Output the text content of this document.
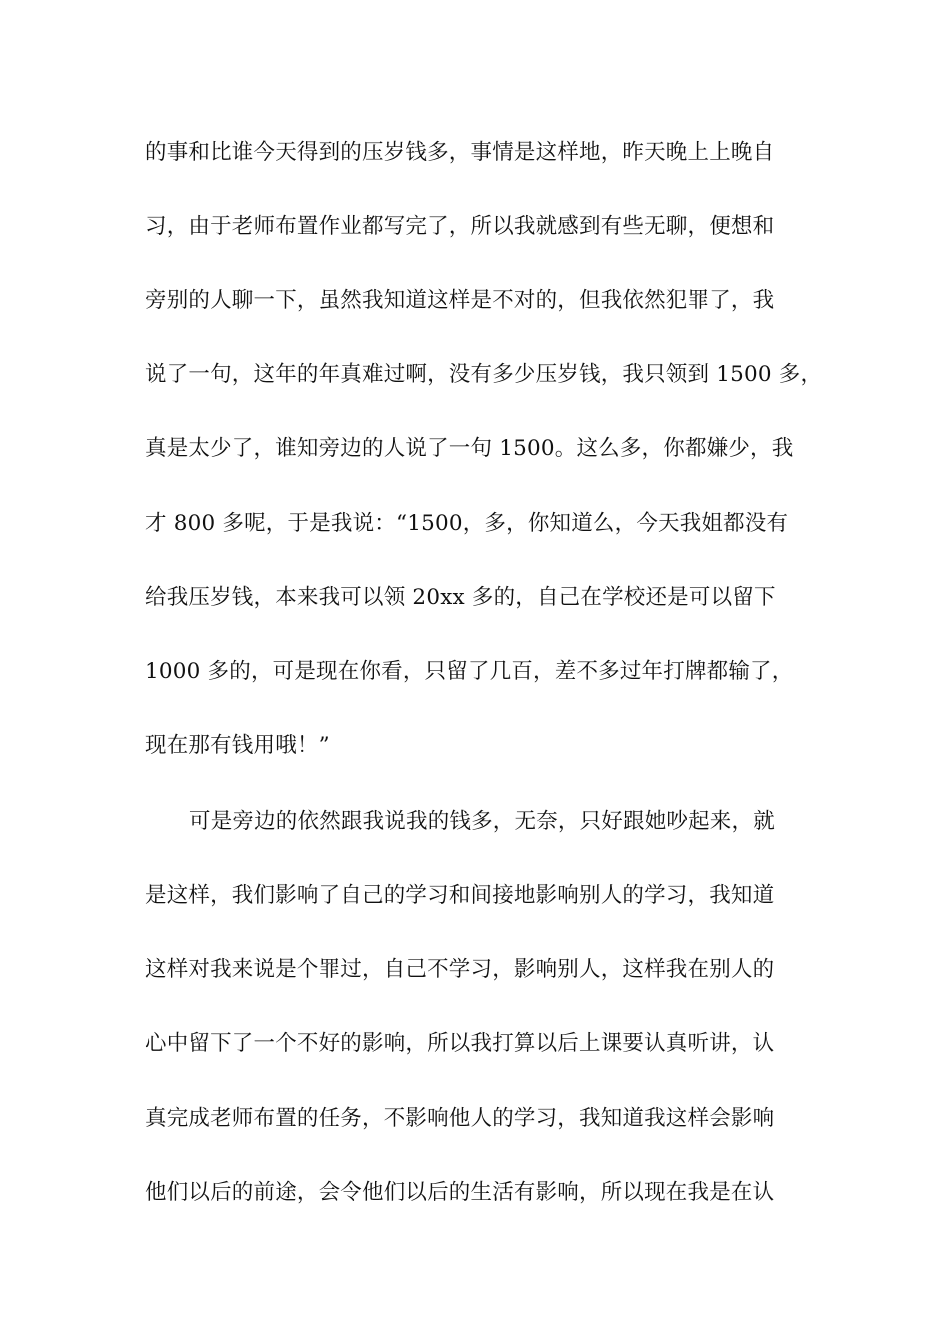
的事和比谁今天得到的压岁钱多，事情是这样地，昨天晚上上晚自
习，由于老师布置作业都写完了，所以我就感到有些无聊，便想和
旁别的人聊一下，虽然我知道这样是不对的，但我依然犯罪了，我
说了一句，这年的年真难过啊，没有多少压岁钱，我只领到 1500 多，
真是太少了，谁知旁边的人说了一句 1500。这么多，你都嫌少，我
才 800 多呢，于是我说：“1500，多，你知道么，今天我姐都没有
给我压岁钱，本来我可以领 20xx 多的，自己在学校还是可以留下
1000 多的，可是现在你看，只留了几百，差不多过年打牌都输了，
现在那有钱用哦！”
可是旁边的依然跟我说我的钱多，无奈，只好跟她吵起来，就
是这样，我们影响了自己的学习和间接地影响别人的学习，我知道
这样对我来说是个罪过，自己不学习，影响别人，这样我在别人的
心中留下了一个不好的影响，所以我打算以后上课要认真听讲，认
真完成老师布置的任务，不影响他人的学习，我知道我这样会影响
他们以后的前途，会令他们以后的生活有影响，所以现在我是在认
